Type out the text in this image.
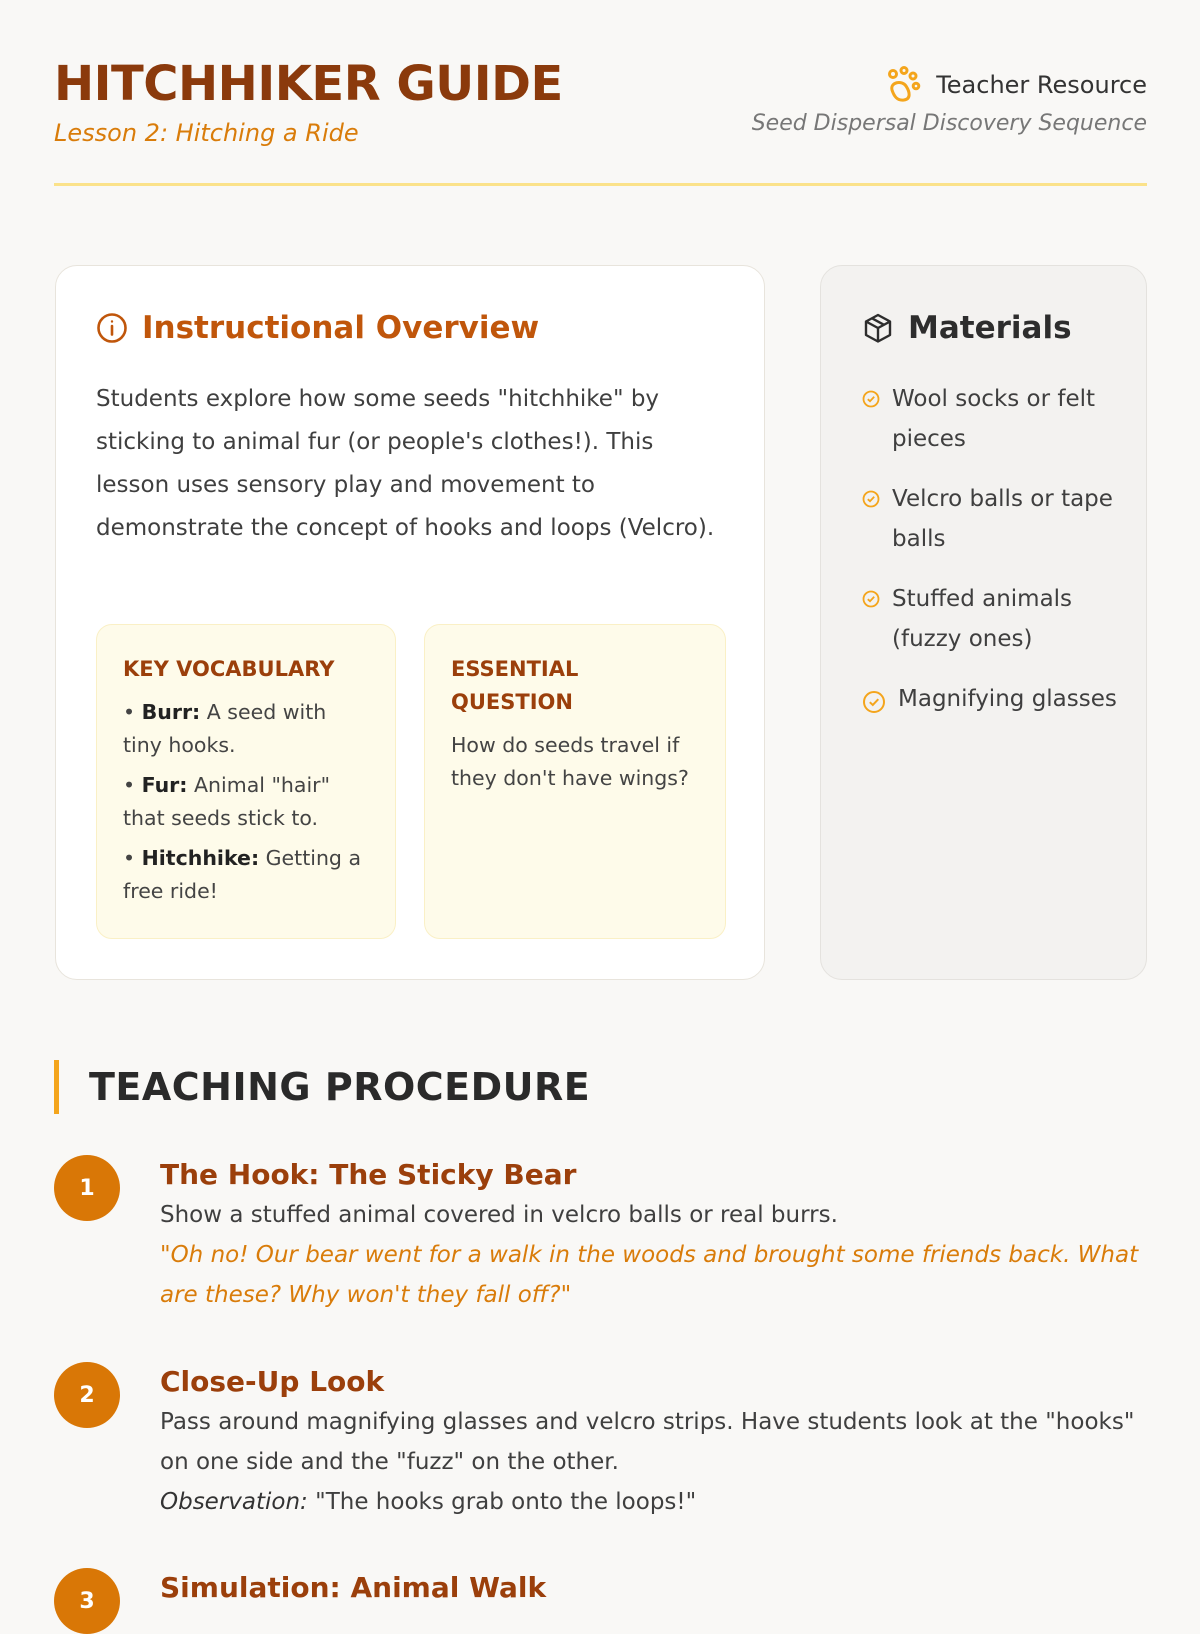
HITCHHIKER GUIDE
Lesson 2: Hitching a Ride
Teacher Resource
Seed Dispersal Discovery Sequence
Instructional Overview

Students explore how some seeds "hitchhike" by sticking to animal fur (or people's clothes!). This lesson uses sensory play and movement to demonstrate the concept of hooks and loops (Velcro).

KEY VOCABULARY
• Burr: A seed with tiny hooks.
• Fur: Animal "hair" that seeds stick to.
• Hitchhike: Getting a free ride!
ESSENTIAL QUESTION
How do seeds travel if they don't have wings?
Materials
Wool socks or felt pieces
Velcro balls or tape balls
Stuffed animals (fuzzy ones)
Magnifying glasses
TEACHING PROCEDURE
1	The Hook: The Sticky Bear
Show a stuffed animal covered in velcro balls or real burrs.
"Oh no! Our bear went for a walk in the woods and brought some friends back. What are these? Why won't they fall off?"
2	Close-Up Look
Pass around magnifying glasses and velcro strips. Have students look at the "hooks" on one side and the "fuzz" on the other.
Observation: "The hooks grab onto the loops!"
3	Simulation: Animal Walk
